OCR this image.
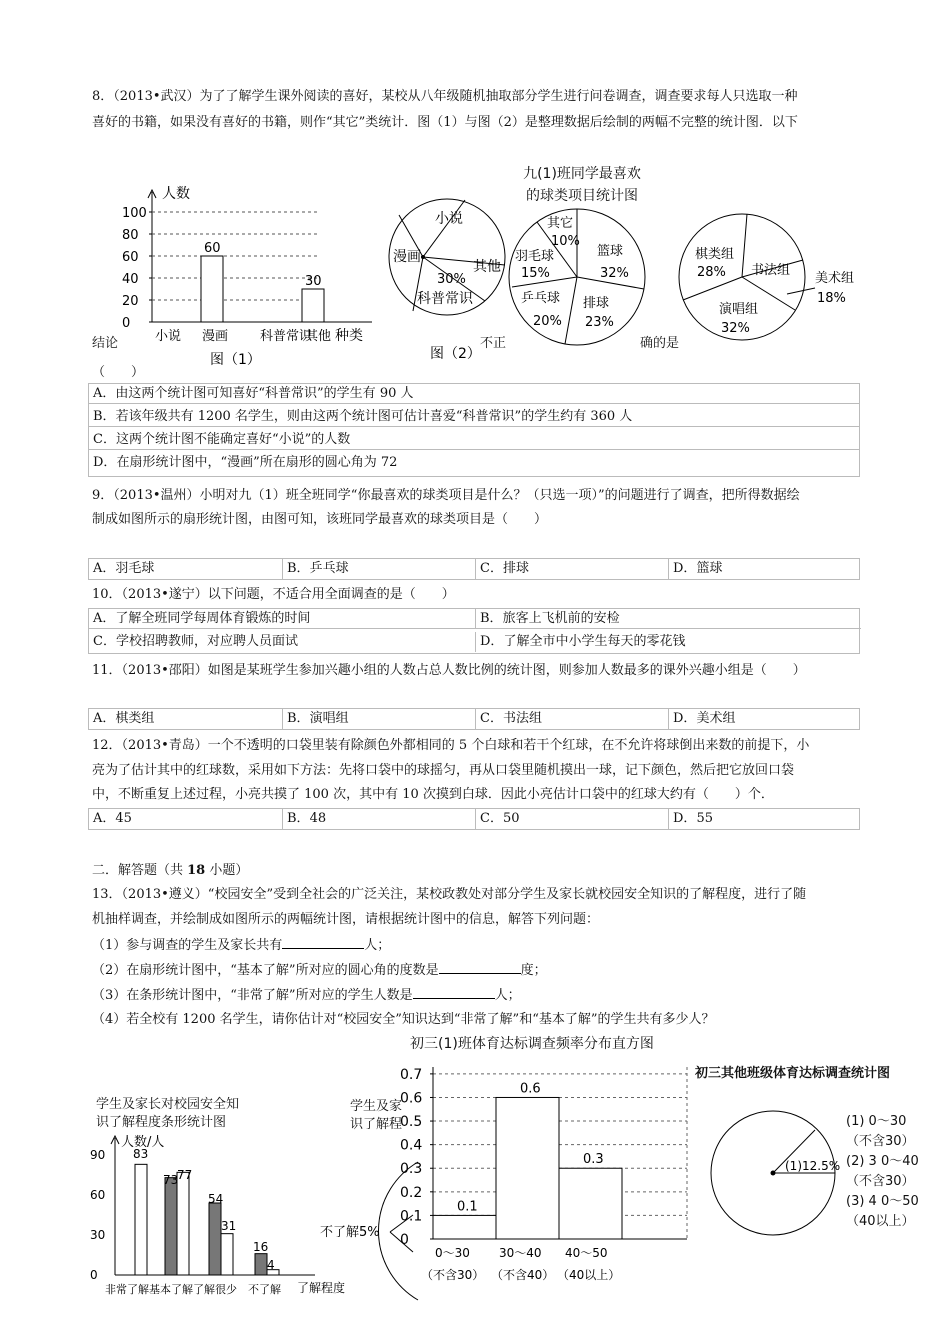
8．（2013•武汉）为了了解学生课外阅读的喜好，某校从八年级随机抽取部分学生进行问卷调查，调查要求每人只选取一种
喜好的书籍，如果没有喜好的书籍，则作“其它”类统计．图（1）与图（2）是整理数据后绘制的两幅不完整的统计图．以下
60
30
100
80
60
40
20
0
小说 漫画 科普常识
其他
人数
种类
图（1）
小说
漫画
30%
科普常识
其他
图（2）
九(1)班同学最喜欢
的球类项目统计图
其它
10%
羽毛球
15%
篮球
32%
乒乓球
20%
排球
23%
棋类组
28% 书法组
美术组
18%
演唱组
32%
结论	不正	确的是
（　　）
A．由这两个统计图可知喜好“科普常识”的学生有 90 人
B．若该年级共有 1200 名学生，则由这两个统计图可估计喜爱“科普常识”的学生约有 360 人
C．这两个统计图不能确定喜好“小说”的人数
D．在扇形统计图中，“漫画”所在扇形的圆心角为 72
9．（2013•温州）小明对九（1）班全班同学“你最喜欢的球类项目是什么？（只选一项）”的问题进行了调查，把所得数据绘
制成如图所示的扇形统计图，由图可知，该班同学最喜欢的球类项目是（　　）
A．羽毛球	B．乒乓球	C．排球	D．篮球
10．（2013•遂宁）以下问题，不适合用全面调查的是（　　）
A．了解全班同学每周体育锻炼的时间	B．旅客上飞机前的安检
C．学校招聘教师，对应聘人员面试	D．了解全市中小学生每天的零花钱
11．（2013•邵阳）如图是某班学生参加兴趣小组的人数占总人数比例的统计图，则参加人数最多的课外兴趣小组是（　　）
A．棋类组	B．演唱组	C．书法组	D．美术组
12．（2013•青岛）一个不透明的口袋里装有除颜色外都相同的 5 个白球和若干个红球，在不允许将球倒出来数的前提下，小
亮为了估计其中的红球数，采用如下方法：先将口袋中的球摇匀，再从口袋里随机摸出一球，记下颜色，然后把它放回口袋
中，不断重复上述过程，小亮共摸了 100 次，其中有 10 次摸到白球．因此小亮估计口袋中的红球大约有（　　）个．
A．45	B．48	C．50	D．55
二．解答题（共 18 小题）
13．（2013•遵义）“校园安全”受到全社会的广泛关注，某校政教处对部分学生及家长就校园安全知识的了解程度，进行了随
机抽样调查，并绘制成如图所示的两幅统计图，请根据统计图中的信息，解答下列问题：
（1）参与调查的学生及家长共有	人；
（2）在扇形统计图中，“基本了解”所对应的圆心角的度数是	度；
（3）在条形统计图中，“非常了解”所对应的学生人数是	人；
（4）若全校有 1200 名学生，请你估计对“校园安全”知识达到“非常了解”和“基本了解”的学生共有多少人？
学生及家长对校园安全知
识了解程度条形统计图
90
60
30
0
83
73
77
54
31
16
4
人数/人
了解程度
非常了解基本了解了解很少　不了解
学生及家
识了解程
不了解5%
初三(1)班体育达标调查频率分布直方图
0.7
0.6
0.5
0.4
0.3
0.2
0.1
0
0.1
0.6
0.3
0～30
（不含30）
30～40
（不含40）
40～50
（40以上）
初三其他班级体育达标调查统计图
(1)12.5%
(1) 0～30
（不含30）
(2) 3 0～40
（不含30）
(3) 4 0～50
（40以上）
